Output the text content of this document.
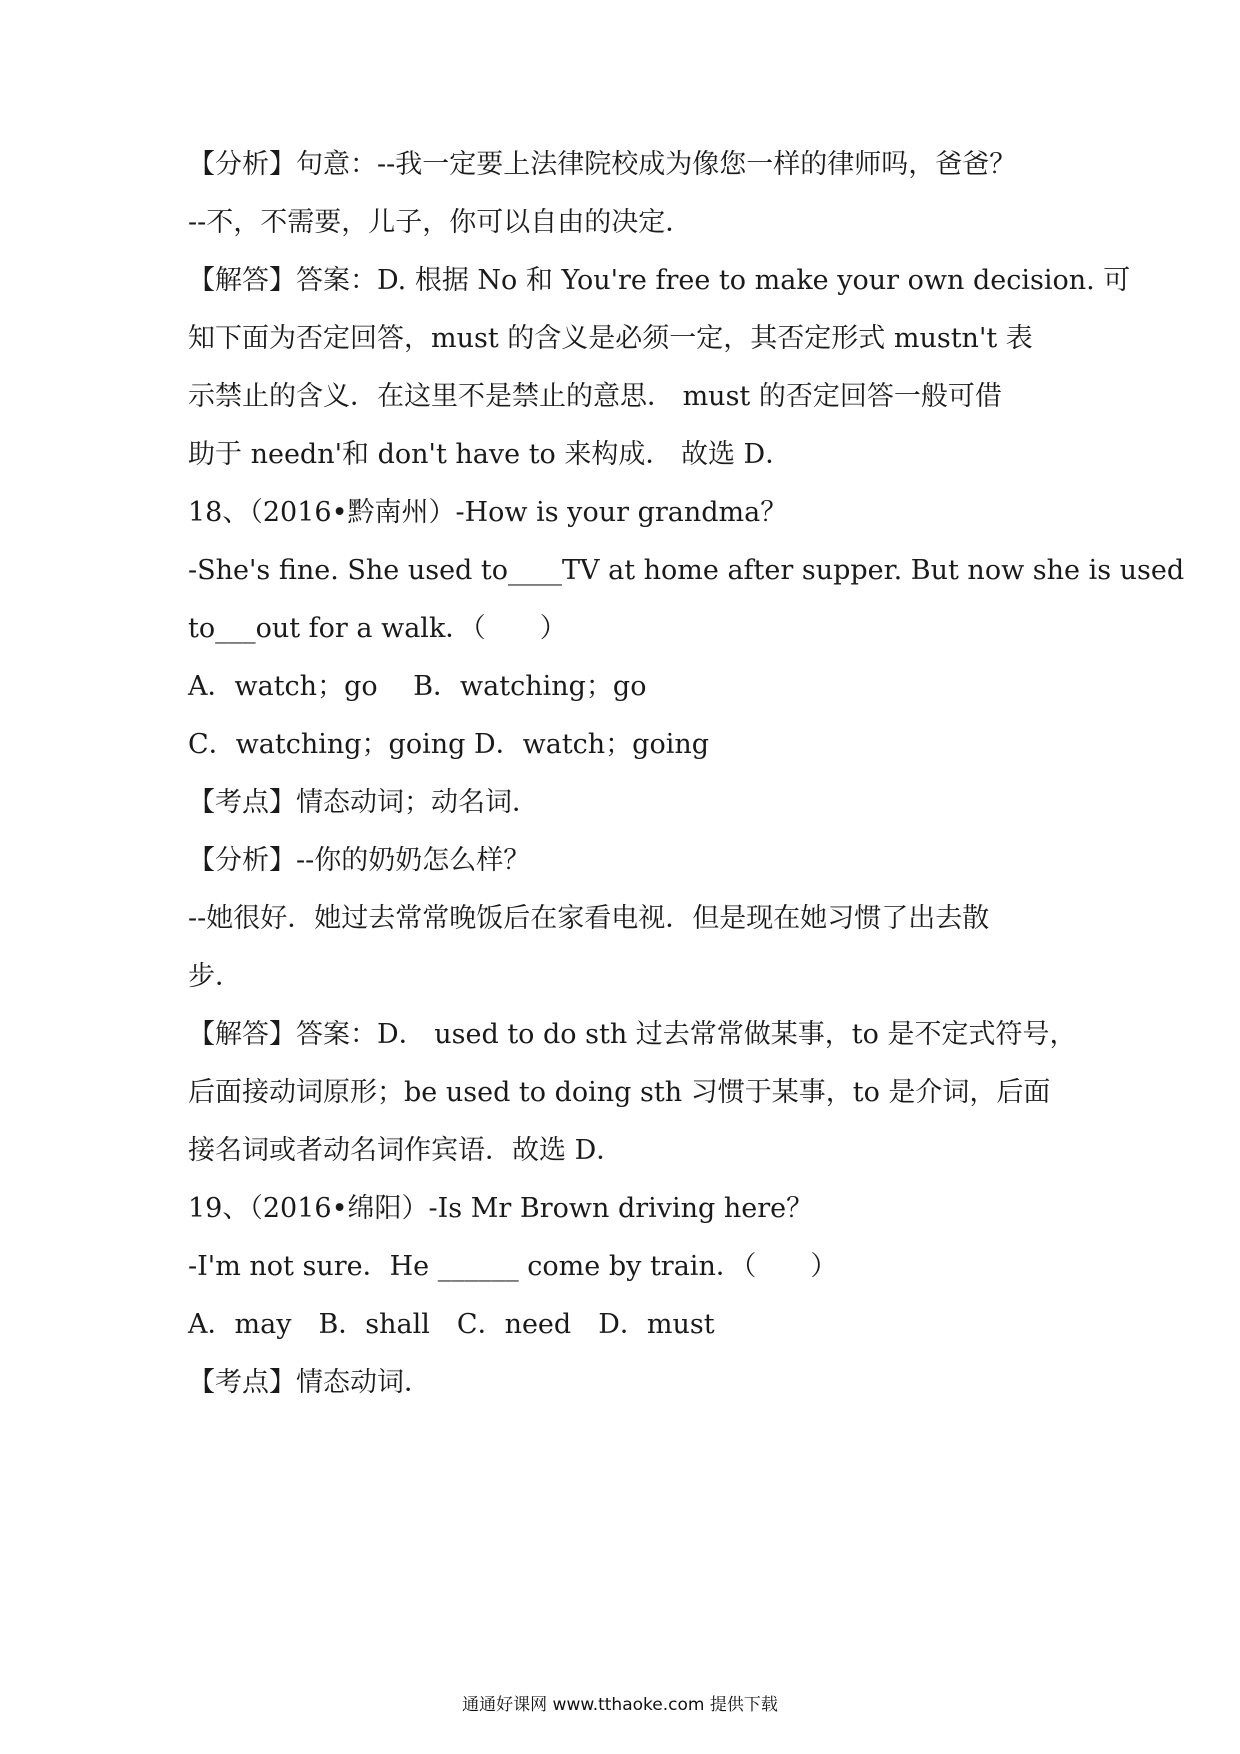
【分析】句意：--我一定要上法律院校成为像您一样的律师吗，爸爸？
--不，不需要，儿子，你可以自由的决定．
【解答】答案：D. 根据 No 和 You're free to make your own decision. 可
知下面为否定回答，must 的含义是必须一定，其否定形式 mustn't 表
示禁止的含义．在这里不是禁止的意思． must 的否定回答一般可借
助于 needn'和 don't have to 来构成． 故选 D．
18、（2016•黔南州）-How is your grandma？
-She's fine. She used to____TV at home after supper. But now she is used
to___out for a walk．（　　）
A．watch；go　 B．watching；go
C．watching；going D．watch；going
【考点】情态动词；动名词．
【分析】--你的奶奶怎么样？
--她很好．她过去常常晚饭后在家看电视．但是现在她习惯了出去散
步．
【解答】答案：D． used to do sth 过去常常做某事，to 是不定式符号，
后面接动词原形；be used to doing sth 习惯于某事，to 是介词，后面
接名词或者动名词作宾语．故选 D．
19、（2016•绵阳）-Is Mr Brown driving here？
-I'm not sure．He ______ come by train．（　　）
A．may　B．shall　C．need　D．must
【考点】情态动词．
通通好课网 www.tthaoke.com 提供下载
